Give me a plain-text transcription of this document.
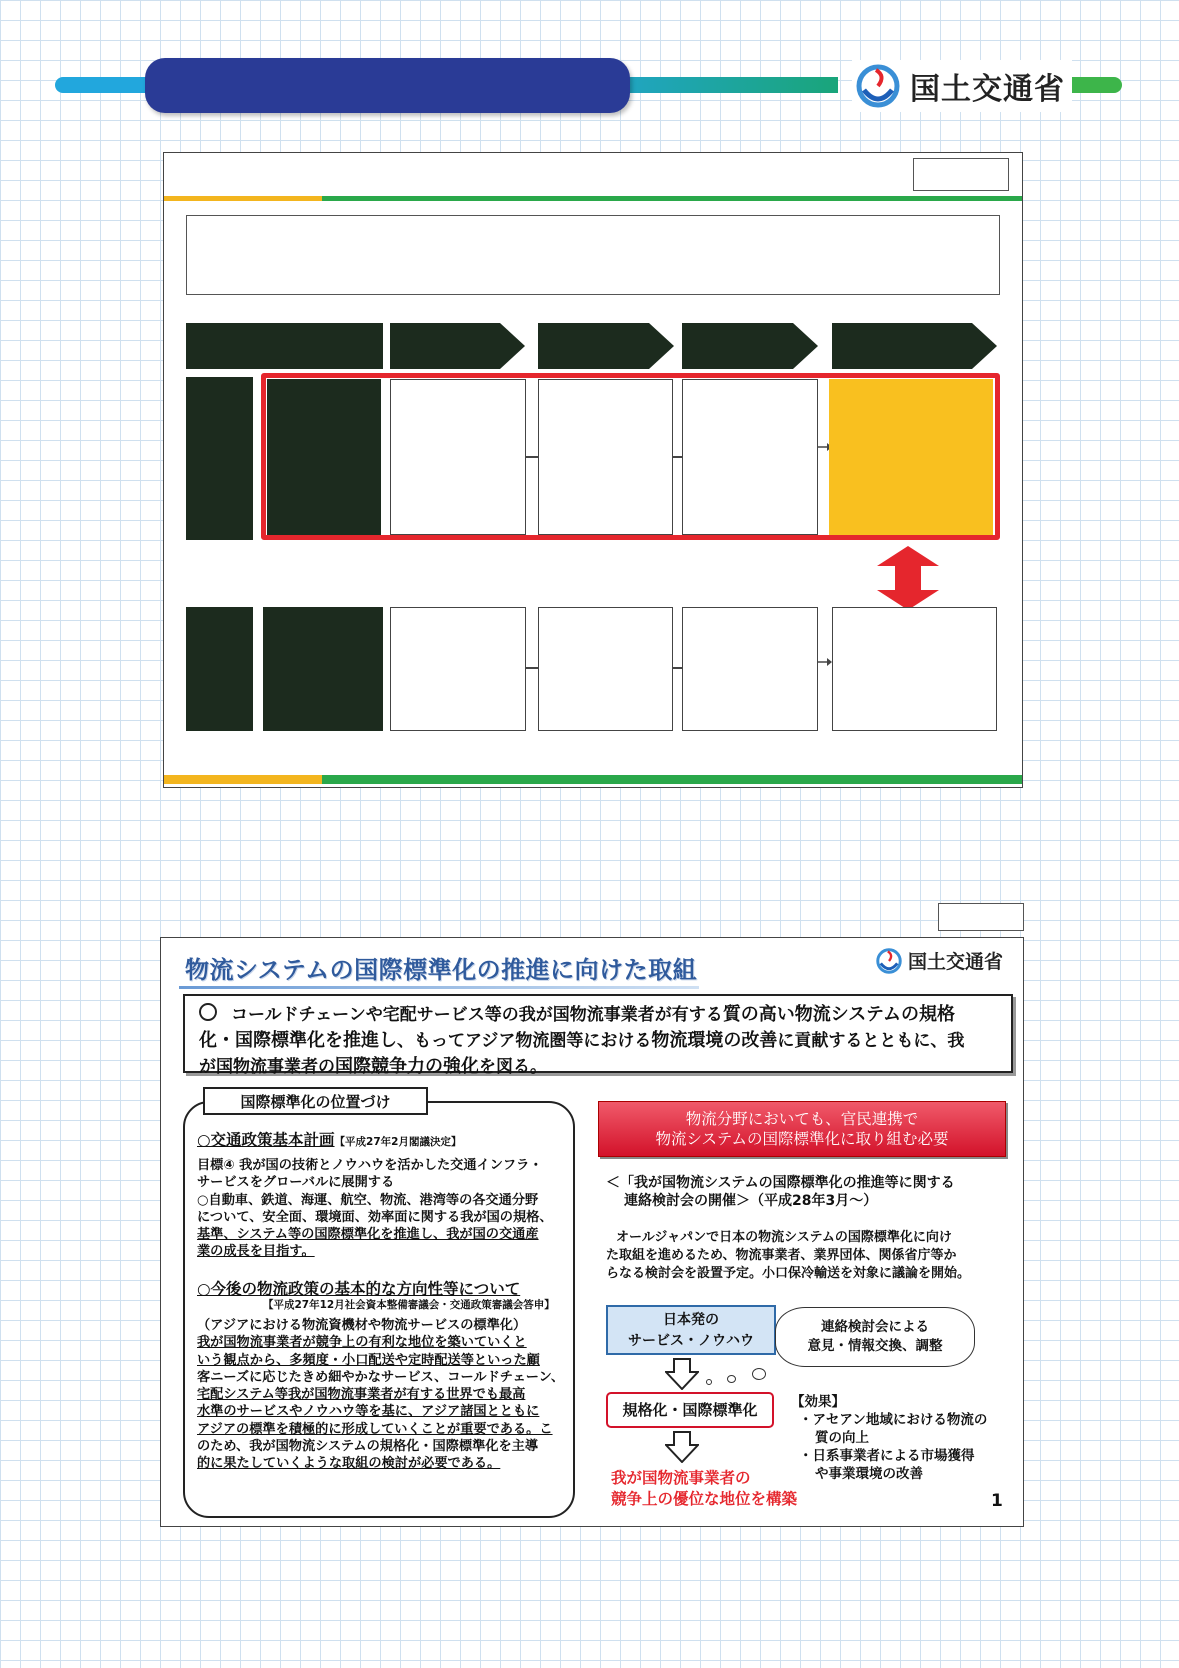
国土交通省
物流システムの国際標準化の推進に向けた取組	国土交通省
コールドチェーンや宅配サービス等の我が国物流事業者が有する質の高い物流システムの規格
化・国際標準化を推進し、もってアジア物流圏等における物流環境の改善に貢献するとともに、我
が国物流事業者の国際競争力の強化を図る。
国際標準化の位置づけ
○交通政策基本計画【平成27年2月閣議決定】
目標④ 我が国の技術とノウハウを活かした交通インフラ・
サービスをグローバルに展開する
○自動車、鉄道、海運、航空、物流、港湾等の各交通分野
について、安全面、環境面、効率面に関する我が国の規格、
基準、システム等の国際標準化を推進し、我が国の交通産
業の成長を目指す。
○今後の物流政策の基本的な方向性等について
【平成27年12月社会資本整備審議会・交通政策審議会答申】
（アジアにおける物流資機材や物流サービスの標準化）
我が国物流事業者が競争上の有利な地位を築いていくと
いう観点から、多頻度・小口配送や定時配送等といった顧
客ニーズに応じたきめ細やかなサービス、コールドチェーン、
宅配システム等我が国物流事業者が有する世界でも最高
水準のサービスやノウハウ等を基に、アジア諸国とともに
アジアの標準を積極的に形成していくことが重要である。こ
のため、我が国物流システムの規格化・国際標準化を主導
的に果たしていくような取組の検討が必要である。
物流分野においても、官民連携で
物流システムの国際標準化に取り組む必要
＜「我が国物流システムの国際標準化の推進等に関する
連絡検討会の開催＞（平成28年3月～）
オールジャパンで日本の物流システムの国際標準化に向け
た取組を進めるため、物流事業者、業界団体、関係省庁等か
らなる検討会を設置予定。小口保冷輸送を対象に議論を開始。
日本発の
サービス・ノウハウ
連絡検討会による
意見・情報交換、調整
規格化・国際標準化	【効果】
・アセアン地域における物流の
質の向上
・日系事業者による市場獲得
や事業環境の改善
我が国物流事業者の
競争上の優位な地位を構築	1
